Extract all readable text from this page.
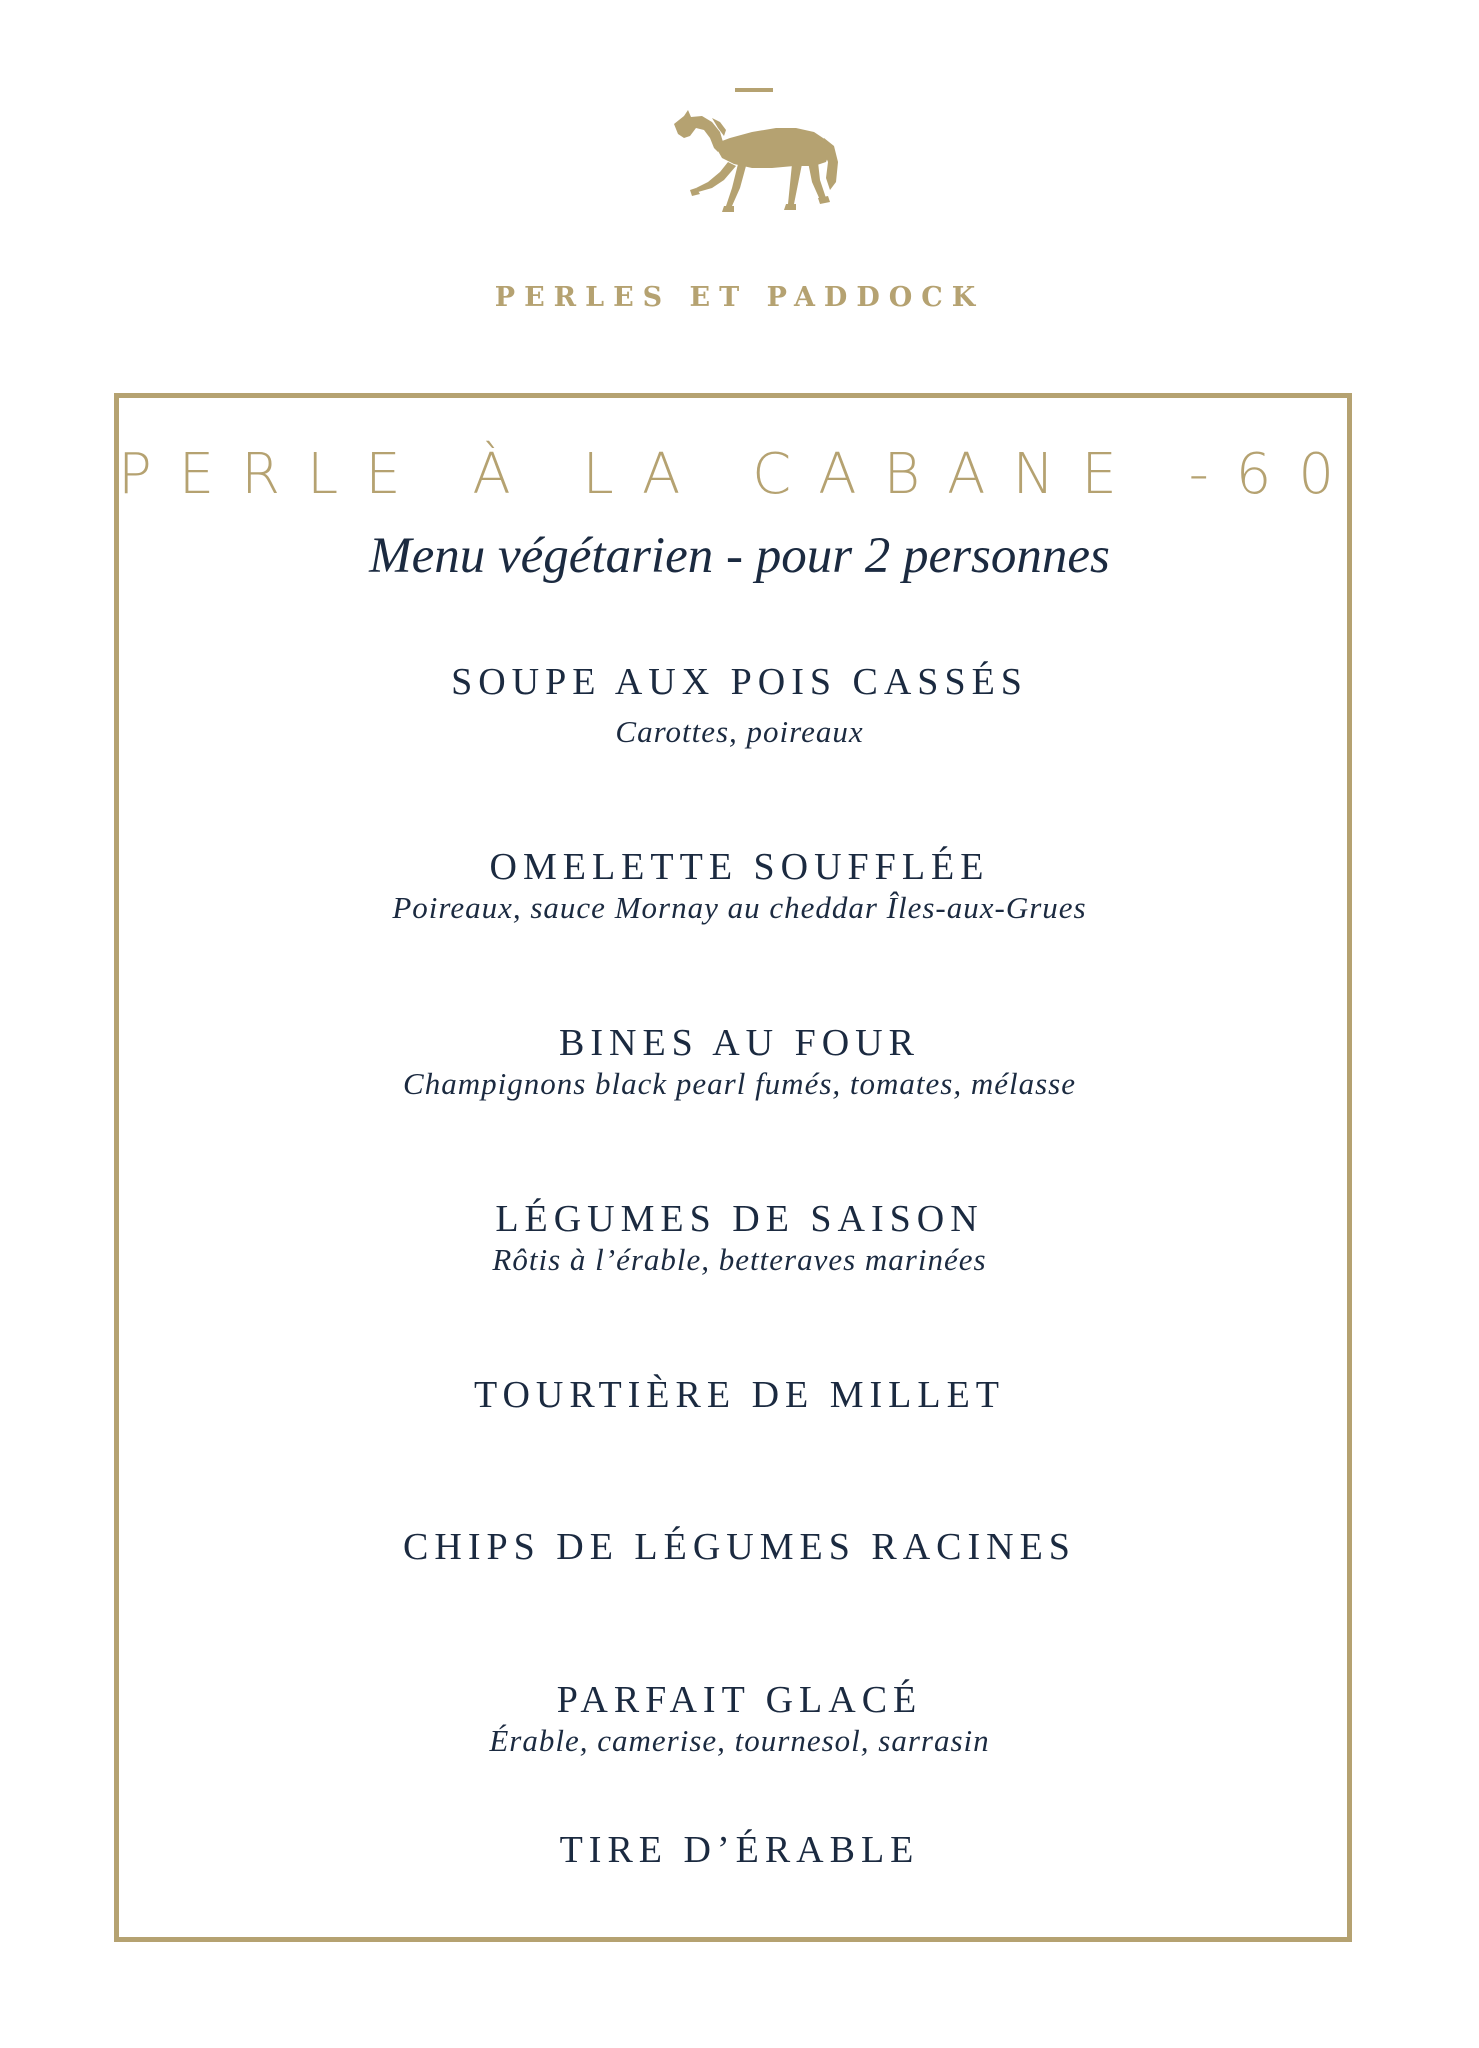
PERLES ET PADDOCK
PERLE À LA CABANE -60
Menu végétarien - pour 2 personnes
SOUPE AUX POIS CASSÉS
Carottes, poireaux
OMELETTE SOUFFLÉE
Poireaux, sauce Mornay au cheddar Îles-aux-Grues
BINES AU FOUR
Champignons black pearl fumés, tomates, mélasse
LÉGUMES DE SAISON
Rôtis à l’érable, betteraves marinées
TOURTIÈRE DE MILLET
CHIPS DE LÉGUMES RACINES
PARFAIT GLACÉ
Érable, camerise, tournesol, sarrasin
TIRE D’ÉRABLE
